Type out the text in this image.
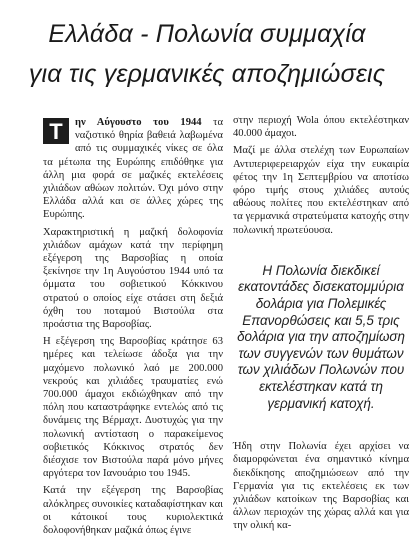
Ελλάδα - Πολωνία συμμαχία
για τις γερμανικές αποζημιώσεις

Τ	ην Αύγουστο του 1944 τα ναζιστικό θηρία βαθειά λαβωμένα από τις συμμαχικές νίκες σε όλα τα μέτωπα της Ευρώπης επιδόθηκε για άλλη μια φορά σε μαζικές εκτελέσεις χιλιάδων αθώων πολιτών. Όχι μόνο στην Ελλάδα αλλά και σε άλλες χώρες της Ευρώπης.

Χαρακτηριστική η μαζική δολοφονία χιλιάδων αμάχων κατά την περίφημη εξέγερση της Βαρσοβίας η οποία ξεκίνησε την 1η Αυγούστου 1944 υπό τα όμματα του σοβιετικού Κόκκινου στρατού ο οποίος είχε στάσει στη δεξιά όχθη του ποταμού Βιστούλα στα προάστια της Βαρσοβίας.

Η εξέγερση της Βαρσοβίας κράτησε 63 ημέρες και τελείωσε άδοξα για την μαχόμενο πολωνικό λαό με 200.000 νεκρούς και χιλιάδες τραυματίες ενώ 700.000 άμαχοι εκδιώχθηκαν από την πόλη που καταστράφηκε εντελώς από τις δυνάμεις της Βέρμαχτ. Δυστυχώς για την πολωνική αντίσταση ο παρακείμενος σοβιετικός Κόκκινος στρατός δεν διέσχισε τον Βιστούλα παρά μόνο μήνες αργότερα τον Ιανουάριο του 1945.

Κατά την εξέγερση της Βαρσοβίας αλόκληρες συνοικίες καταδαφίστηκαν και οι κάτοικοί τους κυριολεκτικά δολοφονήθηκαν μαζικά όπως έγινε

στην περιοχή Wola όπου εκτελέστηκαν 40.000 άμαχοι.

Μαζί με άλλα στελέχη των Ευρωπαίων Αντιπεριφερειαρχών είχα την ευκαιρία φέτος την 1η Σεπτεμβρίου να αποτίσω φόρο τιμής στους χιλιάδες αυτούς αθώους πολίτες που εκτελέστηκαν από τα γερμανικά στρατεύματα κατοχής στην πολωνική πρωτεύουσα.

Η Πολωνία διεκδικεί εκατοντάδες δισεκατομμύρια δολάρια για Πολεμικές Επανορθώσεις και 5,5 τρις δολάρια για την αποζημίωση των συγγενών των θυμάτων των χιλιάδων Πολωνών που εκτελέστηκαν κατά τη γερμανική κατοχή.

Ήδη στην Πολωνία έχει αρχίσει να διαμορφώνεται ένα σημαντικό κίνημα διεκδίκησης αποζημιώσεων από την Γερμανία για τις εκτελέσεις εκ των χιλιάδων κατοίκων της Βαρσοβίας και άλλων περιοχών της χώρας αλλά και για την ολική κα-
